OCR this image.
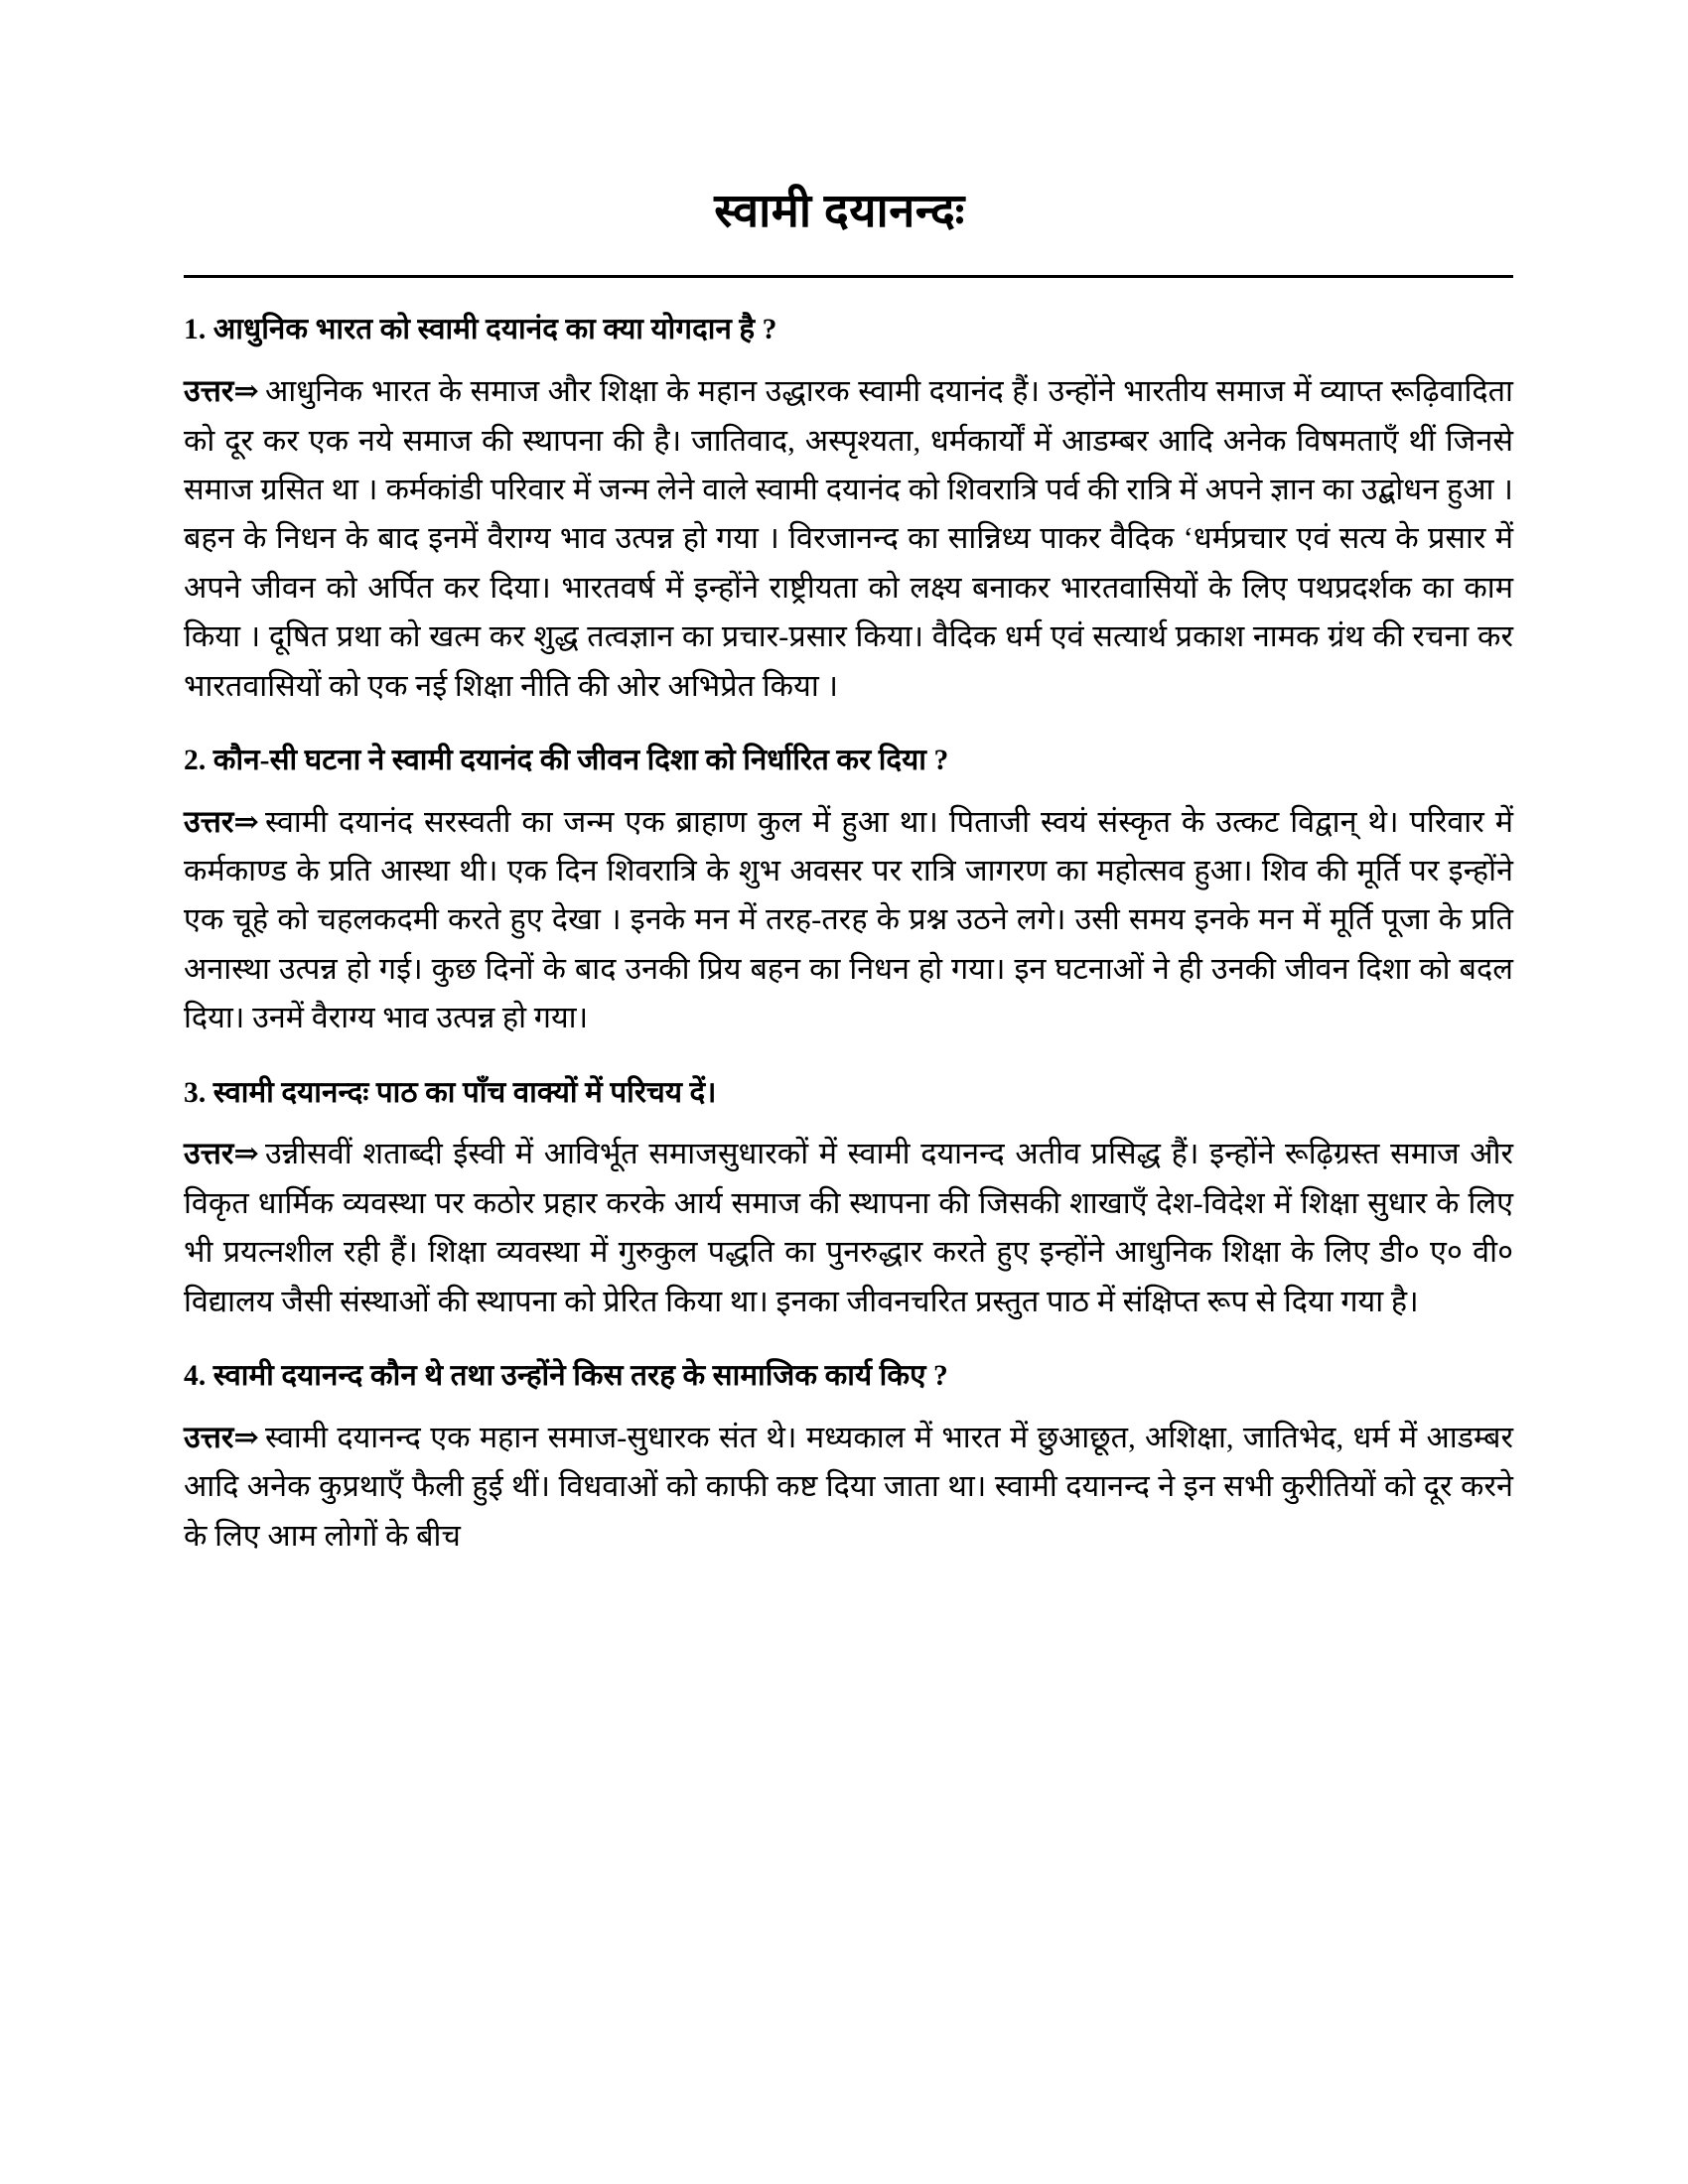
स्वामी दयानन्दः
1. आधुनिक भारत को स्वामी दयानंद का क्या योगदान है ?

उत्तर⇒ आधुनिक भारत के समाज और शिक्षा के महान उद्धारक स्वामी दयानंद हैं। उन्होंने भारतीय समाज में व्याप्त रूढ़िवादिता को दूर कर एक नये समाज की स्थापना की है। जातिवाद, अस्पृश्यता, धर्मकार्यों में आडम्बर आदि अनेक विषमताएँ थीं जिनसे समाज ग्रसित था । कर्मकांडी परिवार में जन्म लेने वाले स्वामी दयानंद को शिवरात्रि पर्व की रात्रि में अपने ज्ञान का उद्बोधन हुआ । बहन के निधन के बाद इनमें वैराग्य भाव उत्पन्न हो गया । विरजानन्द का सान्निध्य पाकर वैदिक ‘धर्मप्रचार एवं सत्य के प्रसार में अपने जीवन को अर्पित कर दिया। भारतवर्ष में इन्होंने राष्ट्रीयता को लक्ष्य बनाकर भारतवासियों के लिए पथप्रदर्शक का काम किया । दूषित प्रथा को खत्म कर शुद्ध तत्वज्ञान का प्रचार-प्रसार किया। वैदिक धर्म एवं सत्यार्थ प्रकाश नामक ग्रंथ की रचना कर भारतवासियों को एक नई शिक्षा नीति की ओर अभिप्रेत किया ।

2. कौन-सी घटना ने स्वामी दयानंद की जीवन दिशा को निर्धारित कर दिया ?

उत्तर⇒ स्वामी दयानंद सरस्वती का जन्म एक ब्राहाण कुल में हुआ था। पिताजी स्वयं संस्कृत के उत्कट विद्वान् थे। परिवार में कर्मकाण्ड के प्रति आस्था थी। एक दिन शिवरात्रि के शुभ अवसर पर रात्रि जागरण का महोत्सव हुआ। शिव की मूर्ति पर इन्होंने एक चूहे को चहलकदमी करते हुए देखा । इनके मन में तरह-तरह के प्रश्न उठने लगे। उसी समय इनके मन में मूर्ति पूजा के प्रति अनास्था उत्पन्न हो गई। कुछ दिनों के बाद उनकी प्रिय बहन का निधन हो गया। इन घटनाओं ने ही उनकी जीवन दिशा को बदल दिया। उनमें वैराग्य भाव उत्पन्न हो गया।

3. स्वामी दयानन्दः पाठ का पाँच वाक्यों में परिचय दें।

उत्तर⇒ उन्नीसवीं शताब्दी ईस्वी में आविर्भूत समाजसुधारकों में स्वामी दयानन्द अतीव प्रसिद्ध हैं। इन्होंने रूढ़िग्रस्त समाज और विकृत धार्मिक व्यवस्था पर कठोर प्रहार करके आर्य समाज की स्थापना की जिसकी शाखाएँ देश-विदेश में शिक्षा सुधार के लिए भी प्रयत्नशील रही हैं। शिक्षा व्यवस्था में गुरुकुल पद्धति का पुनरुद्धार करते हुए इन्होंने आधुनिक शिक्षा के लिए डी० ए० वी० विद्यालय जैसी संस्थाओं की स्थापना को प्रेरित किया था। इनका जीवनचरित प्रस्तुत पाठ में संक्षिप्त रूप से दिया गया है।

4. स्वामी दयानन्द कौन थे तथा उन्होंने किस तरह के सामाजिक कार्य किए ?

उत्तर⇒ स्वामी दयानन्द एक महान समाज-सुधारक संत थे। मध्यकाल में भारत में छुआछूत, अशिक्षा, जातिभेद, धर्म में आडम्बर आदि अनेक कुप्रथाएँ फैली हुई थीं। विधवाओं को काफी कष्ट दिया जाता था। स्वामी दयानन्द ने इन सभी कुरीतियों को दूर करने के लिए आम लोगों के बीच
